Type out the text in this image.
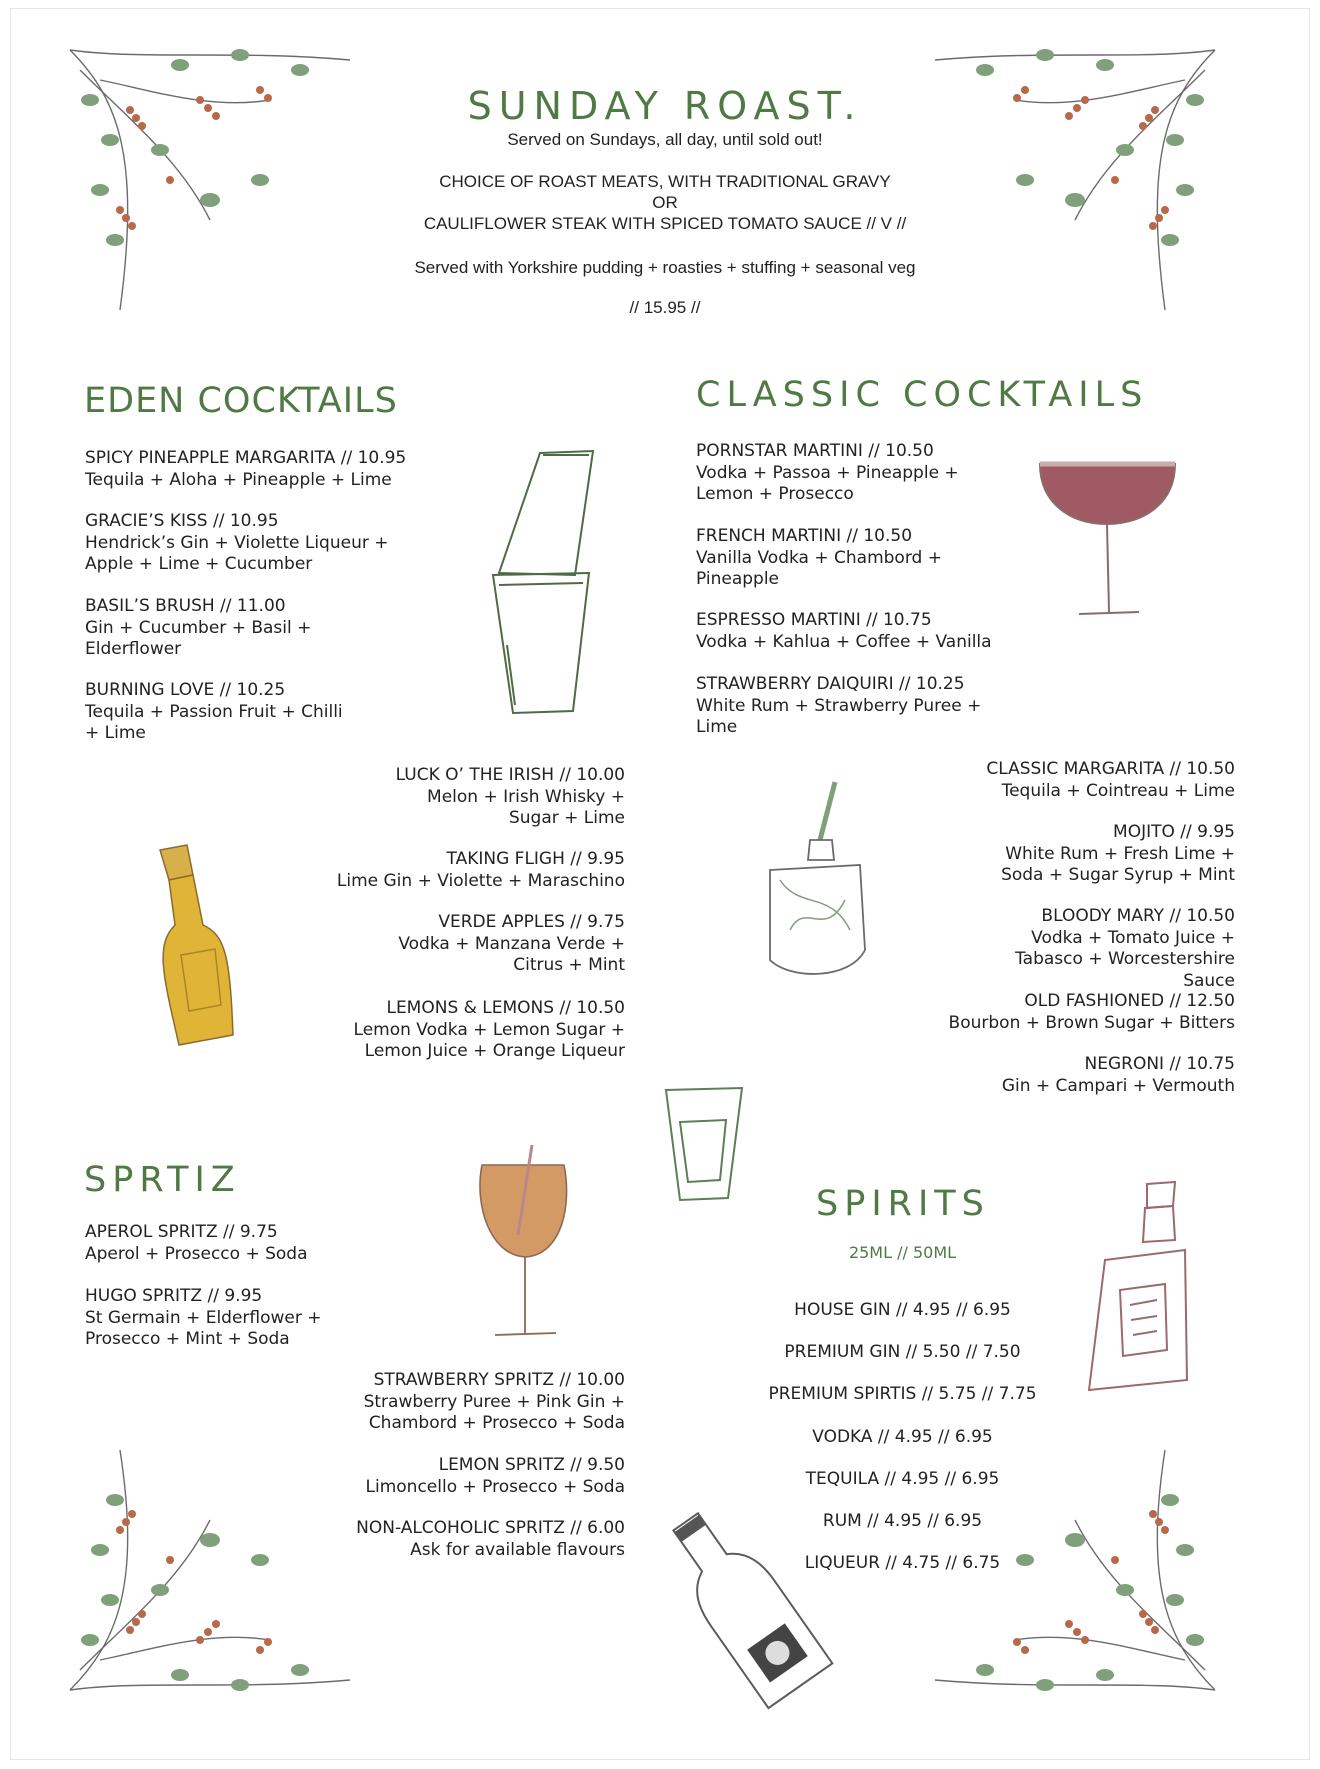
SUNDAY ROAST.
Served on Sundays, all day, until sold out!
CHOICE OF ROAST MEATS, WITH TRADITIONAL GRAVY
OR
CAULIFLOWER STEAK WITH SPICED TOMATO SAUCE // V //
Served with Yorkshire pudding + roasties + stuffing + seasonal veg
// 15.95 //
EDEN COCKTAILS
SPICY PINEAPPLE MARGARITA // 10.95
Tequila + Aloha + Pineapple + Lime
GRACIE’S KISS // 10.95
Hendrick’s Gin + Violette Liqueur + Apple + Lime + Cucumber
BASIL’S BRUSH // 11.00
Gin + Cucumber + Basil + Elderflower
BURNING LOVE // 10.25
Tequila + Passion Fruit + Chilli + Lime
LUCK O’ THE IRISH // 10.00
Melon + Irish Whisky + Sugar + Lime
TAKING FLIGH // 9.95
Lime Gin + Violette + Maraschino
VERDE APPLES // 9.75
Vodka + Manzana Verde + Citrus + Mint
LEMONS & LEMONS // 10.50
Lemon Vodka + Lemon Sugar + Lemon Juice + Orange Liqueur
CLASSIC COCKTAILS
PORNSTAR MARTINI // 10.50
Vodka + Passoa + Pineapple + Lemon + Prosecco
FRENCH MARTINI // 10.50
Vanilla Vodka + Chambord + Pineapple
ESPRESSO MARTINI // 10.75
Vodka + Kahlua + Coffee + Vanilla
STRAWBERRY DAIQUIRI // 10.25
White Rum + Strawberry Puree + Lime
CLASSIC MARGARITA // 10.50
Tequila + Cointreau + Lime
MOJITO // 9.95
White Rum + Fresh Lime + Soda + Sugar Syrup + Mint
BLOODY MARY // 10.50
Vodka + Tomato Juice + Tabasco + Worcestershire Sauce
OLD FASHIONED // 12.50
Bourbon + Brown Sugar + Bitters
NEGRONI // 10.75
Gin + Campari + Vermouth
SPRTIZ
APEROL SPRITZ // 9.75
Aperol + Prosecco + Soda
HUGO SPRITZ // 9.95
St Germain + Elderflower + Prosecco + Mint + Soda
STRAWBERRY SPRITZ // 10.00
Strawberry Puree + Pink Gin + Chambord + Prosecco + Soda
LEMON SPRITZ // 9.50
Limoncello + Prosecco + Soda
NON-ALCOHOLIC SPRITZ // 6.00
Ask for available flavours
SPIRITS
25ML // 50ML
HOUSE GIN // 4.95 // 6.95
PREMIUM GIN // 5.50 // 7.50
PREMIUM SPIRTIS // 5.75 // 7.75
VODKA // 4.95 // 6.95
TEQUILA // 4.95 // 6.95
RUM // 4.95 // 6.95
LIQUEUR // 4.75 // 6.75
